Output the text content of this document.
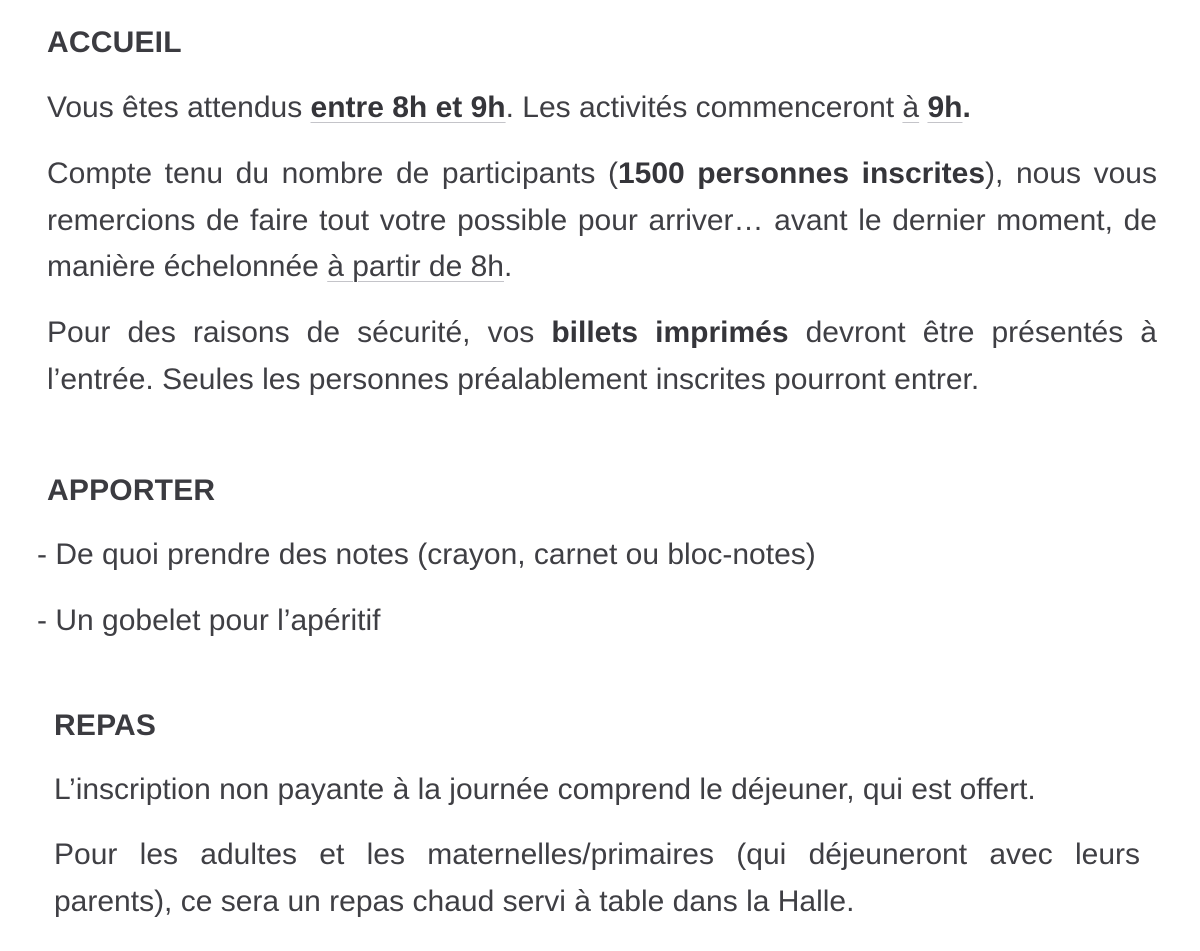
ACCUEIL

Vous êtes attendus entre 8h et 9h. Les activités commenceront à 9h.

Compte tenu du nombre de participants (1500 personnes inscrites), nous vous remercions de faire tout votre possible pour arriver… avant le dernier moment, de manière échelonnée à partir de 8h.

Pour des raisons de sécurité, vos billets imprimés devront être présentés à l’entrée. Seules les personnes préalablement inscrites pourront entrer.

APPORTER

- De quoi prendre des notes (crayon, carnet ou bloc-notes)

- Un gobelet pour l’apéritif

REPAS

L’inscription non payante à la journée comprend le déjeuner, qui est offert.

Pour les adultes et les maternelles/primaires (qui déjeuneront avec leurs parents), ce sera un repas chaud servi à table dans la Halle.
